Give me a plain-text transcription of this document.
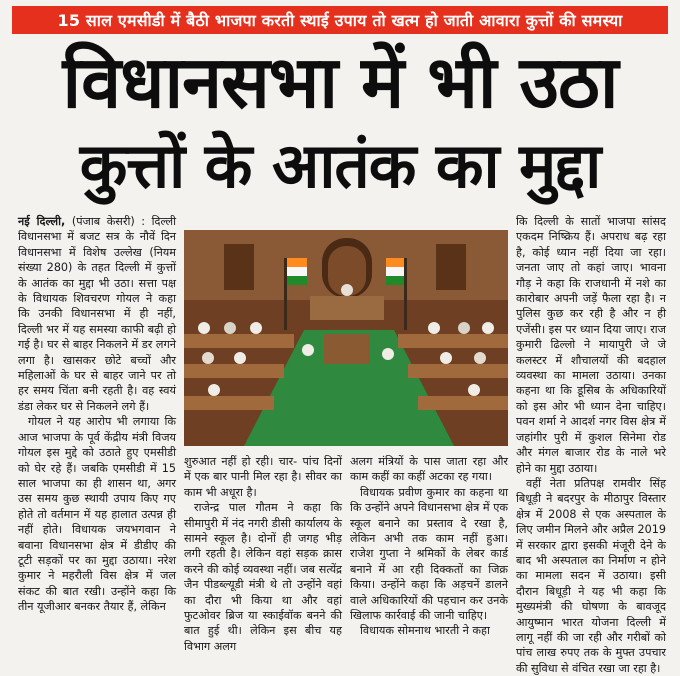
15 साल एमसीडी में बैठी भाजपा करती स्थाई उपाय तो खत्म हो जाती आवारा कुत्तों की समस्या
विधानसभा में भी उठा
कुत्तों के आतंक का मुद्दा

नई दिल्ली, (पंजाब केसरी) : दिल्ली विधानसभा में बजट सत्र के नौवें दिन विधानसभा में विशेष उल्लेख (नियम संख्या 280) के तहत दिल्ली में कुत्तों के आतंक का मुद्दा भी उठा। सत्ता पक्ष के विधायक शिवचरण गोयल ने कहा कि उनकी विधानसभा में ही नहीं, दिल्ली भर में यह समस्या काफी बढ़ी हो गई है। घर से बाहर निकलने में डर लगने लगा है। खासकर छोटे बच्चों और महिलाओं के घर से बाहर जाने पर तो हर समय चिंता बनी रहती है। वह स्वयं डंडा लेकर घर से निकलने लगे हैं।

गोयल ने यह आरोप भी लगाया कि आज भाजपा के पूर्व केंद्रीय मंत्री विजय गोयल इस मुद्दे को उठाते हुए एमसीडी को घेर रहे हैं। जबकि एमसीडी में 15 साल भाजपा का ही शासन था, अगर उस समय कुछ स्थायी उपाय किए गए होते तो वर्तमान में यह हालात उत्पन्न ही नहीं होते। विधायक जयभगवान ने बवाना विधानसभा क्षेत्र में डीडीए की टूटी सड़कों पर का मुद्दा उठाया। नरेश कुमार ने महरौली विस क्षेत्र में जल संकट की बात रखी। उन्होंने कहा कि तीन यूजीआर बनकर तैयार हैं, लेकिन

शुरुआत नहीं हो रही। चार- पांच दिनों में एक बार पानी मिल रहा है। सीवर का काम भी अधूरा है।

राजेन्द्र पाल गौतम ने कहा कि सीमापुरी में नंद नगरी डीसी कार्यालय के सामने स्कूल है। दोनों ही जगह भीड़ लगी रहती है। लेकिन वहां सड़क क्रास करने की कोई व्यवस्था नहीं। जब सत्येंद्र जैन पीडब्ल्यूडी मंत्री थे तो उन्होंने वहां का दौरा भी किया था और वहां फुटओवर ब्रिज या स्काईवॉक बनने की बात हुई थी। लेकिन इस बीच यह विभाग अलग

अलग मंत्रियों के पास जाता रहा और काम कहीं का कहीं अटका रह गया।

विधायक प्रवीण कुमार का कहना था कि उन्होंने अपने विधानसभा क्षेत्र में एक स्कूल बनाने का प्रस्ताव दे रखा है, लेकिन अभी तक काम नहीं हुआ। राजेश गुप्ता ने श्रमिकों के लेबर कार्ड बनाने में आ रही दिक्कतों का जिक्र किया। उन्होंने कहा कि अड़चनें डालने वाले अधिकारियों की पहचान कर उनके खिलाफ कार्रवाई की जानी चाहिए।

विधायक सोमनाथ भारती ने कहा

कि दिल्ली के सातों भाजपा सांसद एकदम निष्क्रिय हैं। अपराध बढ़ रहा है, कोई ध्यान नहीं दिया जा रहा। जनता जाए तो कहां जाए। भावना गौड़ ने कहा कि राजधानी में नशे का कारोबार अपनी जड़ें फैला रहा है। न पुलिस कुछ कर रही है और न ही एजेंसी। इस पर ध्यान दिया जाए। राज कुमारी ढिल्लो ने मायापुरी जे जे कलस्टर में शौचालयों की बदहाल व्यवस्था का मामला उठाया। उनका कहना था कि डूसिब के अधिकारियों को इस ओर भी ध्यान देना चाहिए। पवन शर्मा ने आदर्श नगर विस क्षेत्र में जहांगीर पुरी में कुशल सिनेमा रोड और मंगल बाजार रोड के नाले भरे होने का मुद्दा उठाया।

वहीं नेता प्रतिपक्ष रामवीर सिंह बिधूड़ी ने बदरपुर के मीठापुर विस्तार क्षेत्र में 2008 से एक अस्पताल के लिए जमीन मिलने और अप्रैल 2019 में सरकार द्वारा इसकी मंजूरी देने के बाद भी अस्पताल का निर्माण न होने का मामला सदन में उठाया। इसी दौरान बिधूड़ी ने यह भी कहा कि मुख्यमंत्री की घोषणा के बावजूद आयुष्मान भारत योजना दिल्ली में लागू नहीं की जा रही और गरीबों को पांच लाख रुपए तक के मुफ्त उपचार की सुविधा से वंचित रखा जा रहा है।
